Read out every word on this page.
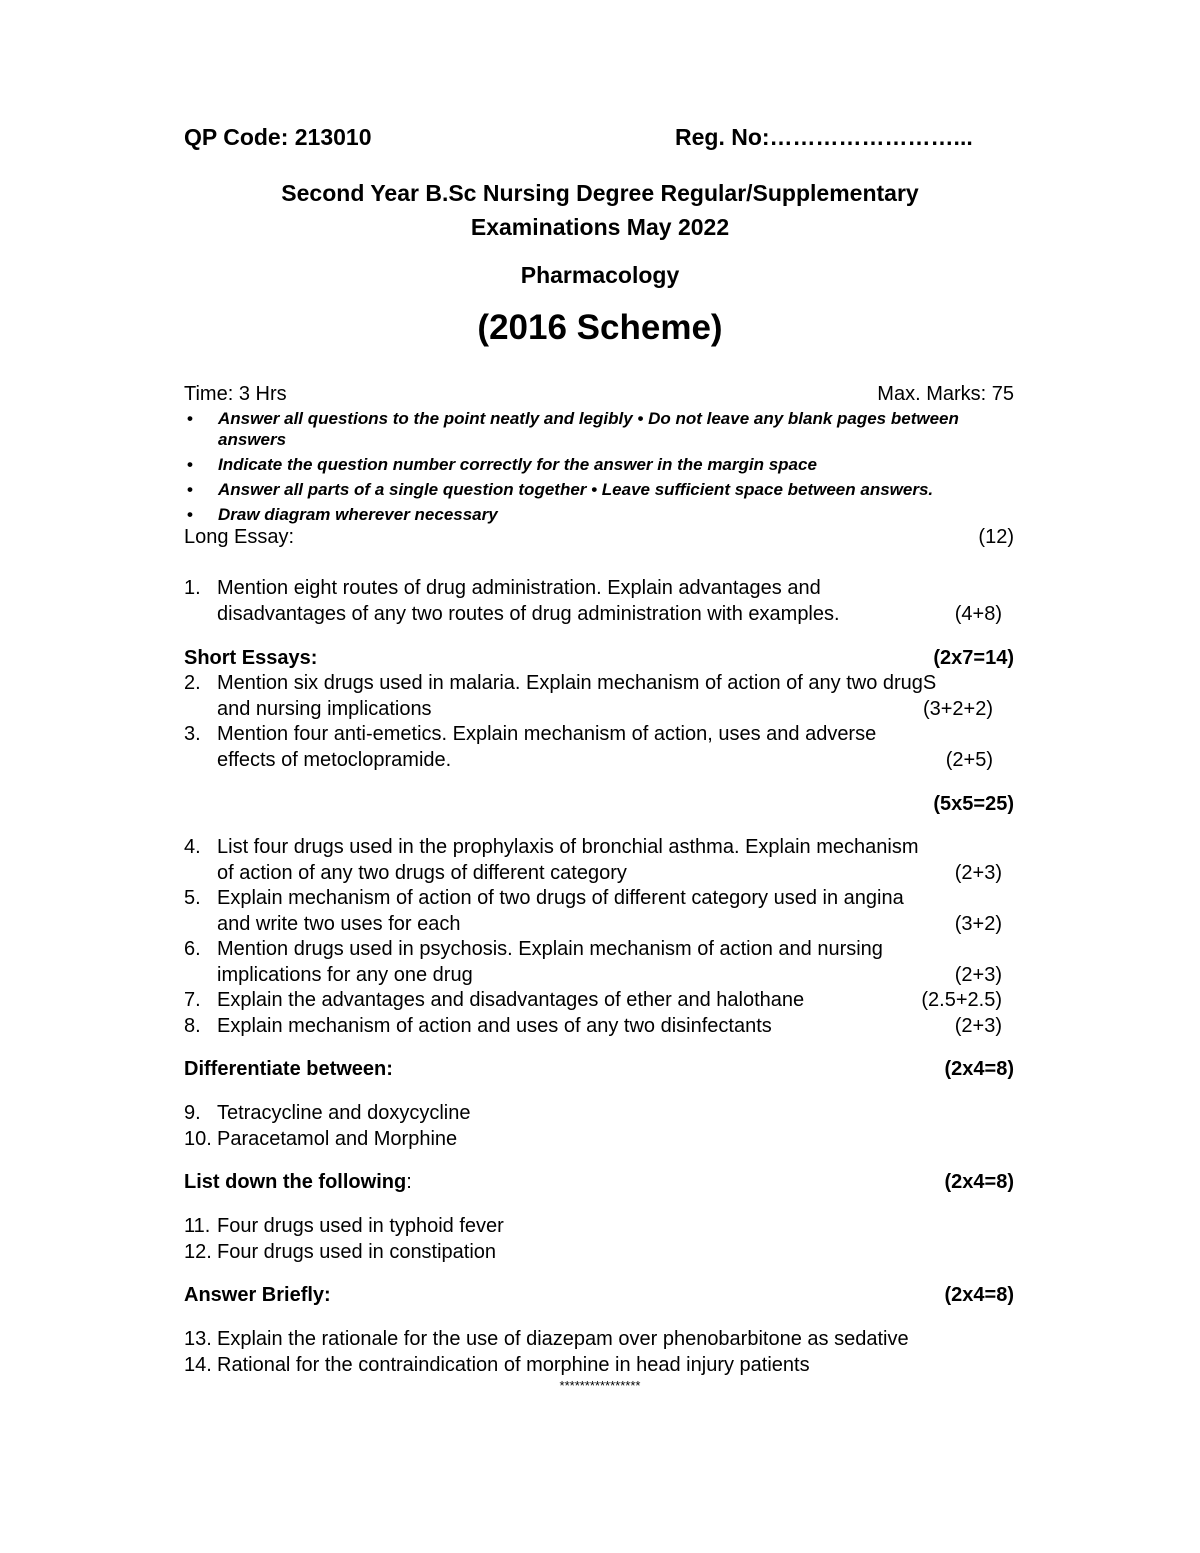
QP Code: 213010	Reg. No:……………………...
Second Year B.Sc Nursing Degree Regular/Supplementary
Examinations May 2022
Pharmacology
(2016 Scheme)
Time: 3 Hrs	Max. Marks: 75
• Answer all questions to the point neatly and legibly • Do not leave any blank pages between answers
• Indicate the question number correctly for the answer in the margin space
• Answer all parts of a single question together • Leave sufficient space between answers.
• Draw diagram wherever necessary
Long Essay:	(12)
1. Mention eight routes of drug administration. Explain advantages and
disadvantages of any two routes of drug administration with examples.	(4+8)
Short Essays:	(2x7=14)
2. Mention six drugs used in malaria. Explain mechanism of action of any two drugS
and nursing implications	(3+2+2)
3. Mention four anti-emetics. Explain mechanism of action, uses and adverse
effects of metoclopramide.	(2+5)
(5x5=25)
4. List four drugs used in the prophylaxis of bronchial asthma. Explain mechanism
of action of any two drugs of different category	(2+3)
5. Explain mechanism of action of two drugs of different category used in angina
and write two uses for each	(3+2)
6. Mention drugs used in psychosis. Explain mechanism of action and nursing
implications for any one drug	(2+3)
7. Explain the advantages and disadvantages of ether and halothane	(2.5+2.5)
8. Explain mechanism of action and uses of any two disinfectants	(2+3)
Differentiate between:	(2x4=8)
9. Tetracycline and doxycycline
10. Paracetamol and Morphine
List down the following:	(2x4=8)
11. Four drugs used in typhoid fever
12. Four drugs used in constipation
Answer Briefly:	(2x4=8)
13. Explain the rationale for the use of diazepam over phenobarbitone as sedative
14. Rational for the contraindication of morphine in head injury patients
****************
